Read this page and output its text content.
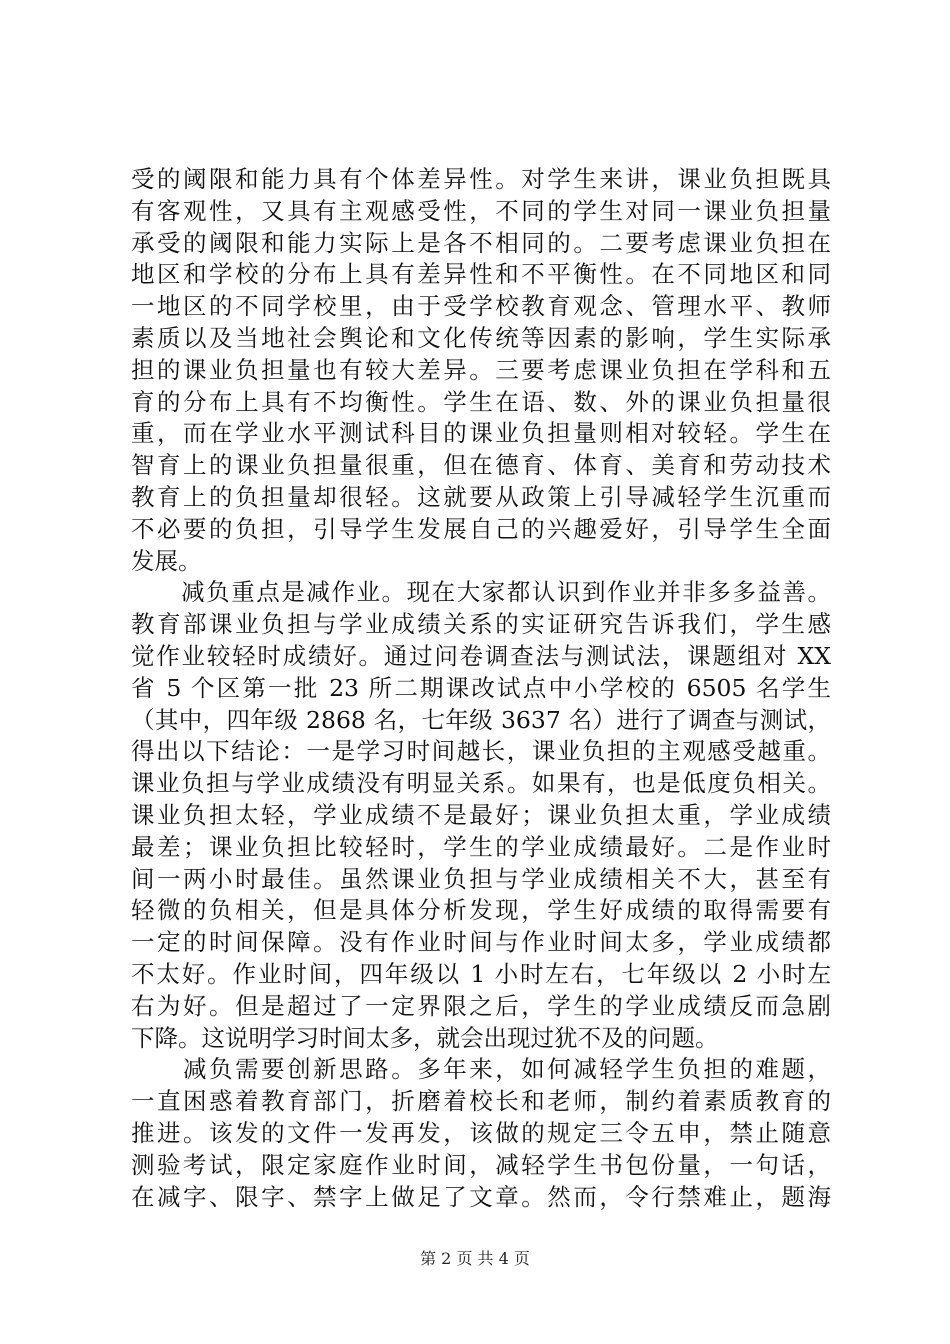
受的阈限和能力具有个体差异性。对学生来讲，课业负担既具
有客观性，又具有主观感受性，不同的学生对同一课业负担量
承受的阈限和能力实际上是各不相同的。二要考虑课业负担在
地区和学校的分布上具有差异性和不平衡性。在不同地区和同
一地区的不同学校里，由于受学校教育观念、管理水平、教师
素质以及当地社会舆论和文化传统等因素的影响，学生实际承
担的课业负担量也有较大差异。三要考虑课业负担在学科和五
育的分布上具有不均衡性。学生在语、数、外的课业负担量很
重，而在学业水平测试科目的课业负担量则相对较轻。学生在
智育上的课业负担量很重，但在德育、体育、美育和劳动技术
教育上的负担量却很轻。这就要从政策上引导减轻学生沉重而
不必要的负担，引导学生发展自己的兴趣爱好，引导学生全面
发展。
　　减负重点是减作业。现在大家都认识到作业并非多多益善。
教育部课业负担与学业成绩关系的实证研究告诉我们，学生感
觉作业较轻时成绩好。通过问卷调查法与测试法，课题组对 XX
省 5 个区第一批 23 所二期课改试点中小学校的 6505 名学生
（其中，四年级 2868 名，七年级 3637 名）进行了调查与测试，
得出以下结论：一是学习时间越长，课业负担的主观感受越重。
课业负担与学业成绩没有明显关系。如果有，也是低度负相关。
课业负担太轻，学业成绩不是最好；课业负担太重，学业成绩
最差；课业负担比较轻时，学生的学业成绩最好。二是作业时
间一两小时最佳。虽然课业负担与学业成绩相关不大，甚至有
轻微的负相关，但是具体分析发现，学生好成绩的取得需要有
一定的时间保障。没有作业时间与作业时间太多，学业成绩都
不太好。作业时间，四年级以 1 小时左右，七年级以 2 小时左
右为好。但是超过了一定界限之后，学生的学业成绩反而急剧
下降。这说明学习时间太多，就会出现过犹不及的问题。
　　减负需要创新思路。多年来，如何减轻学生负担的难题，
一直困惑着教育部门，折磨着校长和老师，制约着素质教育的
推进。该发的文件一发再发，该做的规定三令五申，禁止随意
测验考试，限定家庭作业时间，减轻学生书包份量，一句话，
在减字、限字、禁字上做足了文章。然而，令行禁难止，题海
第 2 页 共 4 页
